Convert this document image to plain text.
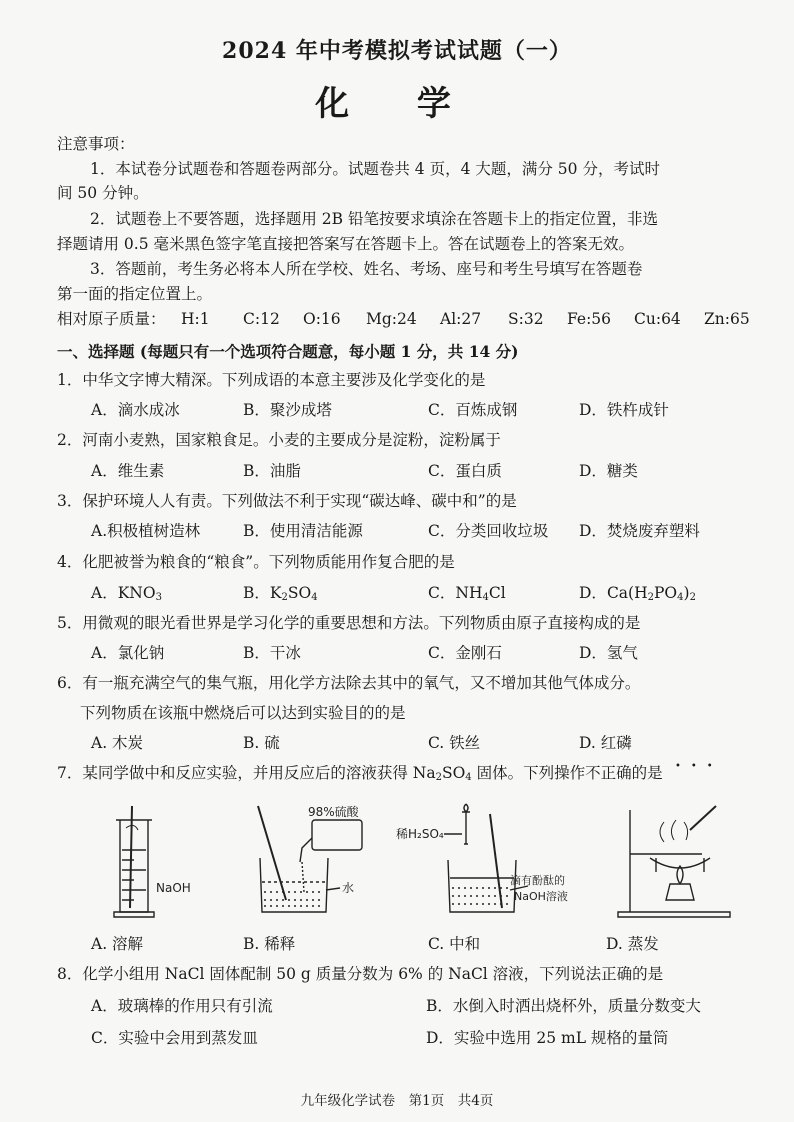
2024 年中考模拟考试试题（一）
化 学
注意事项：
1．本试卷分试题卷和答题卷两部分。试题卷共 4 页，4 大题，满分 50 分，考试时
间 50 分钟。
2．试题卷上不要答题，选择题用 2B 铅笔按要求填涂在答题卡上的指定位置，非选
择题请用 0.5 毫米黑色签字笔直接把答案写在答题卡上。答在试题卷上的答案无效。
3．答题前，考生务必将本人所在学校、姓名、考场、座号和考生号填写在答题卷
第一面的指定位置上。
相对原子质量： H:1 C:12 O:16 Mg:24 Al:27 S:32 Fe:56 Cu:64 Zn:65
一、选择题 (每题只有一个选项符合题意，每小题 1 分，共 14 分)
1．中华文字博大精深。下列成语的本意主要涉及化学变化的是
A．滴水成冰	B．聚沙成塔	C．百炼成钢	D．铁杵成针
2．河南小麦熟，国家粮食足。小麦的主要成分是淀粉，淀粉属于
A．维生素	B．油脂	C．蛋白质	D．糖类
3．保护环境人人有责。下列做法不利于实现“碳达峰、碳中和”的是
A.积极植树造林	B．使用清洁能源	C．分类回收垃圾 D．焚烧废弃塑料
4．化肥被誉为粮食的“粮食”。下列物质能用作复合肥的是
A．$KNO_3$	B．$K_2SO_4$	C．$NH_4Cl$	D．$Ca(H_2PO_4)_2$
5．用微观的眼光看世界是学习化学的重要思想和方法。下列物质由原子直接构成的是
A．氯化钠	B．干冰	C．金刚石	D．氢气
6．有一瓶充满空气的集气瓶，用化学方法除去其中的氧气，又不增加其他气体成分。
下列物质在该瓶中燃烧后可以达到实验目的的是
A. 木炭	B. 硫	C. 铁丝	D. 红磷
7．某同学做中和反应实验，并用反应后的溶液获得 $Na_2SO_4$ 固体。下列操作不正确的是 •••
NaOH
98%硫酸
水
稀H₂SO₄
滴有酚酞的
NaOH溶液
A. 溶解	B. 稀释	C. 中和	D. 蒸发
8．化学小组用 NaCl 固体配制 50 g 质量分数为 6% 的 NaCl 溶液，下列说法正确的是
A．玻璃棒的作用只有引流	B．水倒入时洒出烧杯外，质量分数变大
C．实验中会用到蒸发皿	D．实验中选用 25 mL 规格的量筒
九年级化学试卷　第1页　共4页
